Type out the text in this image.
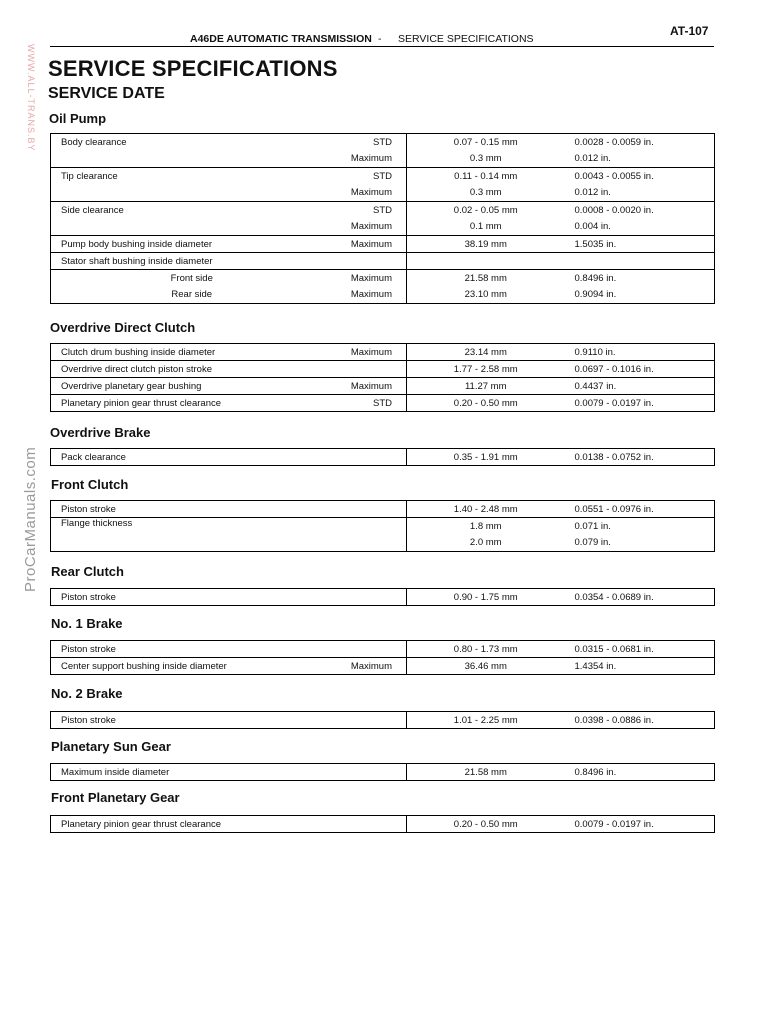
A46DE AUTOMATIC TRANSMISSION - SERVICE SPECIFICATIONS
AT-107
WWW.ALL-TRANS.BY
ProCarManuals.com
SERVICE SPECIFICATIONS
SERVICE DATE
Oil Pump
Body clearance	STD	0.07 - 0.15 mm	0.0028 - 0.0059 in.
	Maximum	0.3 mm	0.012 in.
Tip clearance	STD	0.11 - 0.14 mm	0.0043 - 0.0055 in.
	Maximum	0.3 mm	0.012 in.
Side clearance	STD	0.02 - 0.05 mm	0.0008 - 0.0020 in.
	Maximum	0.1 mm	0.004 in.
Pump body bushing inside diameter	Maximum	38.19 mm	1.5035 in.
Stator shaft bushing inside diameter			
Front side	Maximum	21.58 mm	0.8496 in.
Rear side	Maximum	23.10 mm	0.9094 in.
Overdrive Direct Clutch
Clutch drum bushing inside diameter	Maximum	23.14 mm	0.9110 in.
Overdrive direct clutch piston stroke		1.77 - 2.58 mm	0.0697 - 0.1016 in.
Overdrive planetary gear bushing	Maximum	11.27 mm	0.4437 in.
Planetary pinion gear thrust clearance	STD	0.20 - 0.50 mm	0.0079 - 0.0197 in.
Overdrive Brake
Pack clearance		0.35 - 1.91 mm	0.0138 - 0.0752 in.
Front Clutch
Piston stroke		1.40 - 2.48 mm	0.0551 - 0.0976 in.
Flange thickness		1.8 mm	0.071 in.
		2.0 mm	0.079 in.
Rear Clutch
Piston stroke		0.90 - 1.75 mm	0.0354 - 0.0689 in.
No. 1 Brake
Piston stroke		0.80 - 1.73 mm	0.0315 - 0.0681 in.
Center support bushing inside diameter	Maximum	36.46 mm	1.4354 in.
No. 2 Brake
Piston stroke		1.01 - 2.25 mm	0.0398 - 0.0886 in.
Planetary Sun Gear
Maximum inside diameter		21.58 mm	0.8496 in.
Front Planetary Gear
Planetary pinion gear thrust clearance		0.20 - 0.50 mm	0.0079 - 0.0197 in.
